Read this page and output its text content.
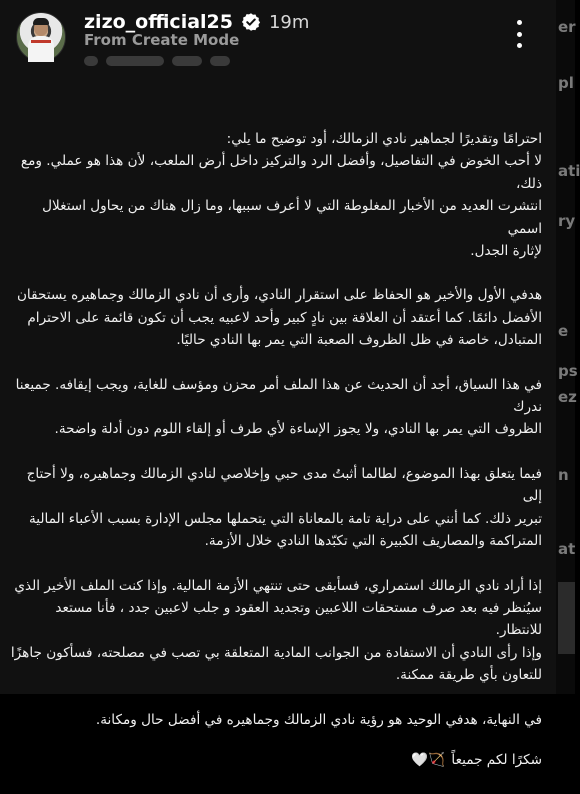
zizo_official25 19m
From Create Mode

احترامًا وتقديرًا لجماهير نادي الزمالك، أود توضيح ما يلي:
لا أحب الخوض في التفاصيل، وأفضل الرد والتركيز داخل أرض الملعب، لأن هذا هو عملي. ومع ذلك،
انتشرت العديد من الأخبار المغلوطة التي لا أعرف سببها، وما زال هناك من يحاول استغلال اسمي
لإثارة الجدل.

هدفي الأول والأخير هو الحفاظ على استقرار النادي، وأرى أن نادي الزمالك وجماهيره يستحقان
الأفضل دائمًا. كما أعتقد أن العلاقة بين نادٍ كبير وأحد لاعبيه يجب أن تكون قائمة على الاحترام
المتبادل، خاصة في ظل الظروف الصعبة التي يمر بها النادي حاليًا.

في هذا السياق، أجد أن الحديث عن هذا الملف أمر محزن ومؤسف للغاية، ويجب إيقافه. جميعنا ندرك
الظروف التي يمر بها النادي، ولا يجوز الإساءة لأي طرف أو إلقاء اللوم دون أدلة واضحة.

فيما يتعلق بهذا الموضوع، لطالما أثبتُ مدى حبي وإخلاصي لنادي الزمالك وجماهيره، ولا أحتاج إلى
تبرير ذلك. كما أنني على دراية تامة بالمعاناة التي يتحملها مجلس الإدارة بسبب الأعباء المالية
المتراكمة والمصاريف الكبيرة التي تكبّدها النادي خلال الأزمة.

إذا أراد نادي الزمالك استمراري، فسأبقى حتى تنتهي الأزمة المالية. وإذا كنت الملف الأخير الذي
سيُنظر فيه بعد صرف مستحقات اللاعبين وتجديد العقود و جلب لاعبين جدد ، فأنا مستعد للانتظار.
وإذا رأى النادي أن الاستفادة من الجوانب المادية المتعلقة بي تصب في مصلحته، فسأكون جاهزًا
للتعاون بأي طريقة ممكنة.

في النهاية، هدفي الوحيد هو رؤية نادي الزمالك وجماهيره في أفضل حال ومكانة.

شكرًا لكم جميعاً 🏹🤍

er
pl
ati
ry
e
ps
ez
n
at
